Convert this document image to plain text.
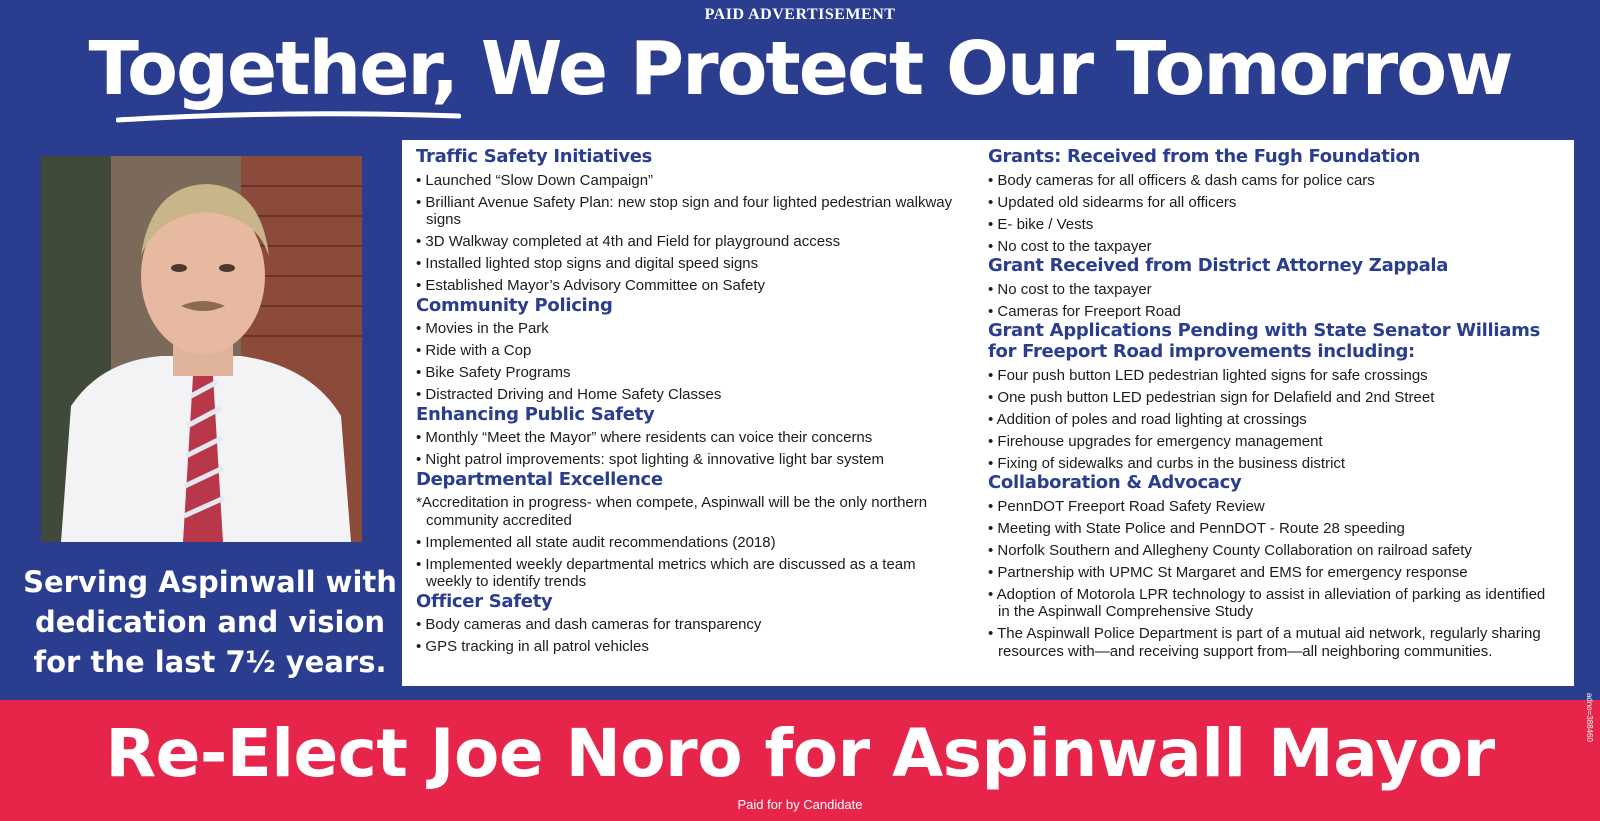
PAID ADVERTISEMENT
Together, We Protect Our Tomorrow
Serving Aspinwall with
dedication and vision
for the last 7½ years.
Traffic Safety Initiatives
• Launched “Slow Down Campaign”
• Brilliant Avenue Safety Plan: new stop sign and four lighted pedestrian walkway signs
• 3D Walkway completed at 4th and Field for playground access
• Installed lighted stop signs and digital speed signs
• Established Mayor’s Advisory Committee on Safety
Community Policing
• Movies in the Park
• Ride with a Cop
• Bike Safety Programs
• Distracted Driving and Home Safety Classes
Enhancing Public Safety
• Monthly “Meet the Mayor” where residents can voice their concerns
• Night patrol improvements: spot lighting & innovative light bar system
Departmental Excellence
*Accreditation in progress- when compete, Aspinwall will be the only northern community accredited
• Implemented all state audit recommendations (2018)
• Implemented weekly departmental metrics which are discussed as a team weekly to identify trends
Officer Safety
• Body cameras and dash cameras for transparency
• GPS tracking in all patrol vehicles
Grants: Received from the Fugh Foundation
• Body cameras for all officers & dash cams for police cars
• Updated old sidearms for all officers
• E- bike / Vests
• No cost to the taxpayer
Grant Received from District Attorney Zappala
• No cost to the taxpayer
• Cameras for Freeport Road
Grant Applications Pending with State Senator Williams for Freeport Road improvements including:
• Four push button LED pedestrian lighted signs for safe crossings
• One push button LED pedestrian sign for Delafield and 2nd Street
• Addition of poles and road lighting at crossings
• Firehouse upgrades for emergency management
• Fixing of sidewalks and curbs in the business district
Collaboration & Advocacy
• PennDOT Freeport Road Safety Review
• Meeting with State Police and PennDOT - Route 28 speeding
• Norfolk Southern and Allegheny County Collaboration on railroad safety
• Partnership with UPMC St Margaret and EMS for emergency response
• Adoption of Motorola LPR technology to assist in alleviation of parking as identified in the Aspinwall Comprehensive Study
• The Aspinwall Police Department is part of a mutual aid network, regularly sharing resources with—and receiving support from—all neighboring communities.
Re-Elect Joe Noro for Aspinwall Mayor
Paid for by Candidate
adno=388460
